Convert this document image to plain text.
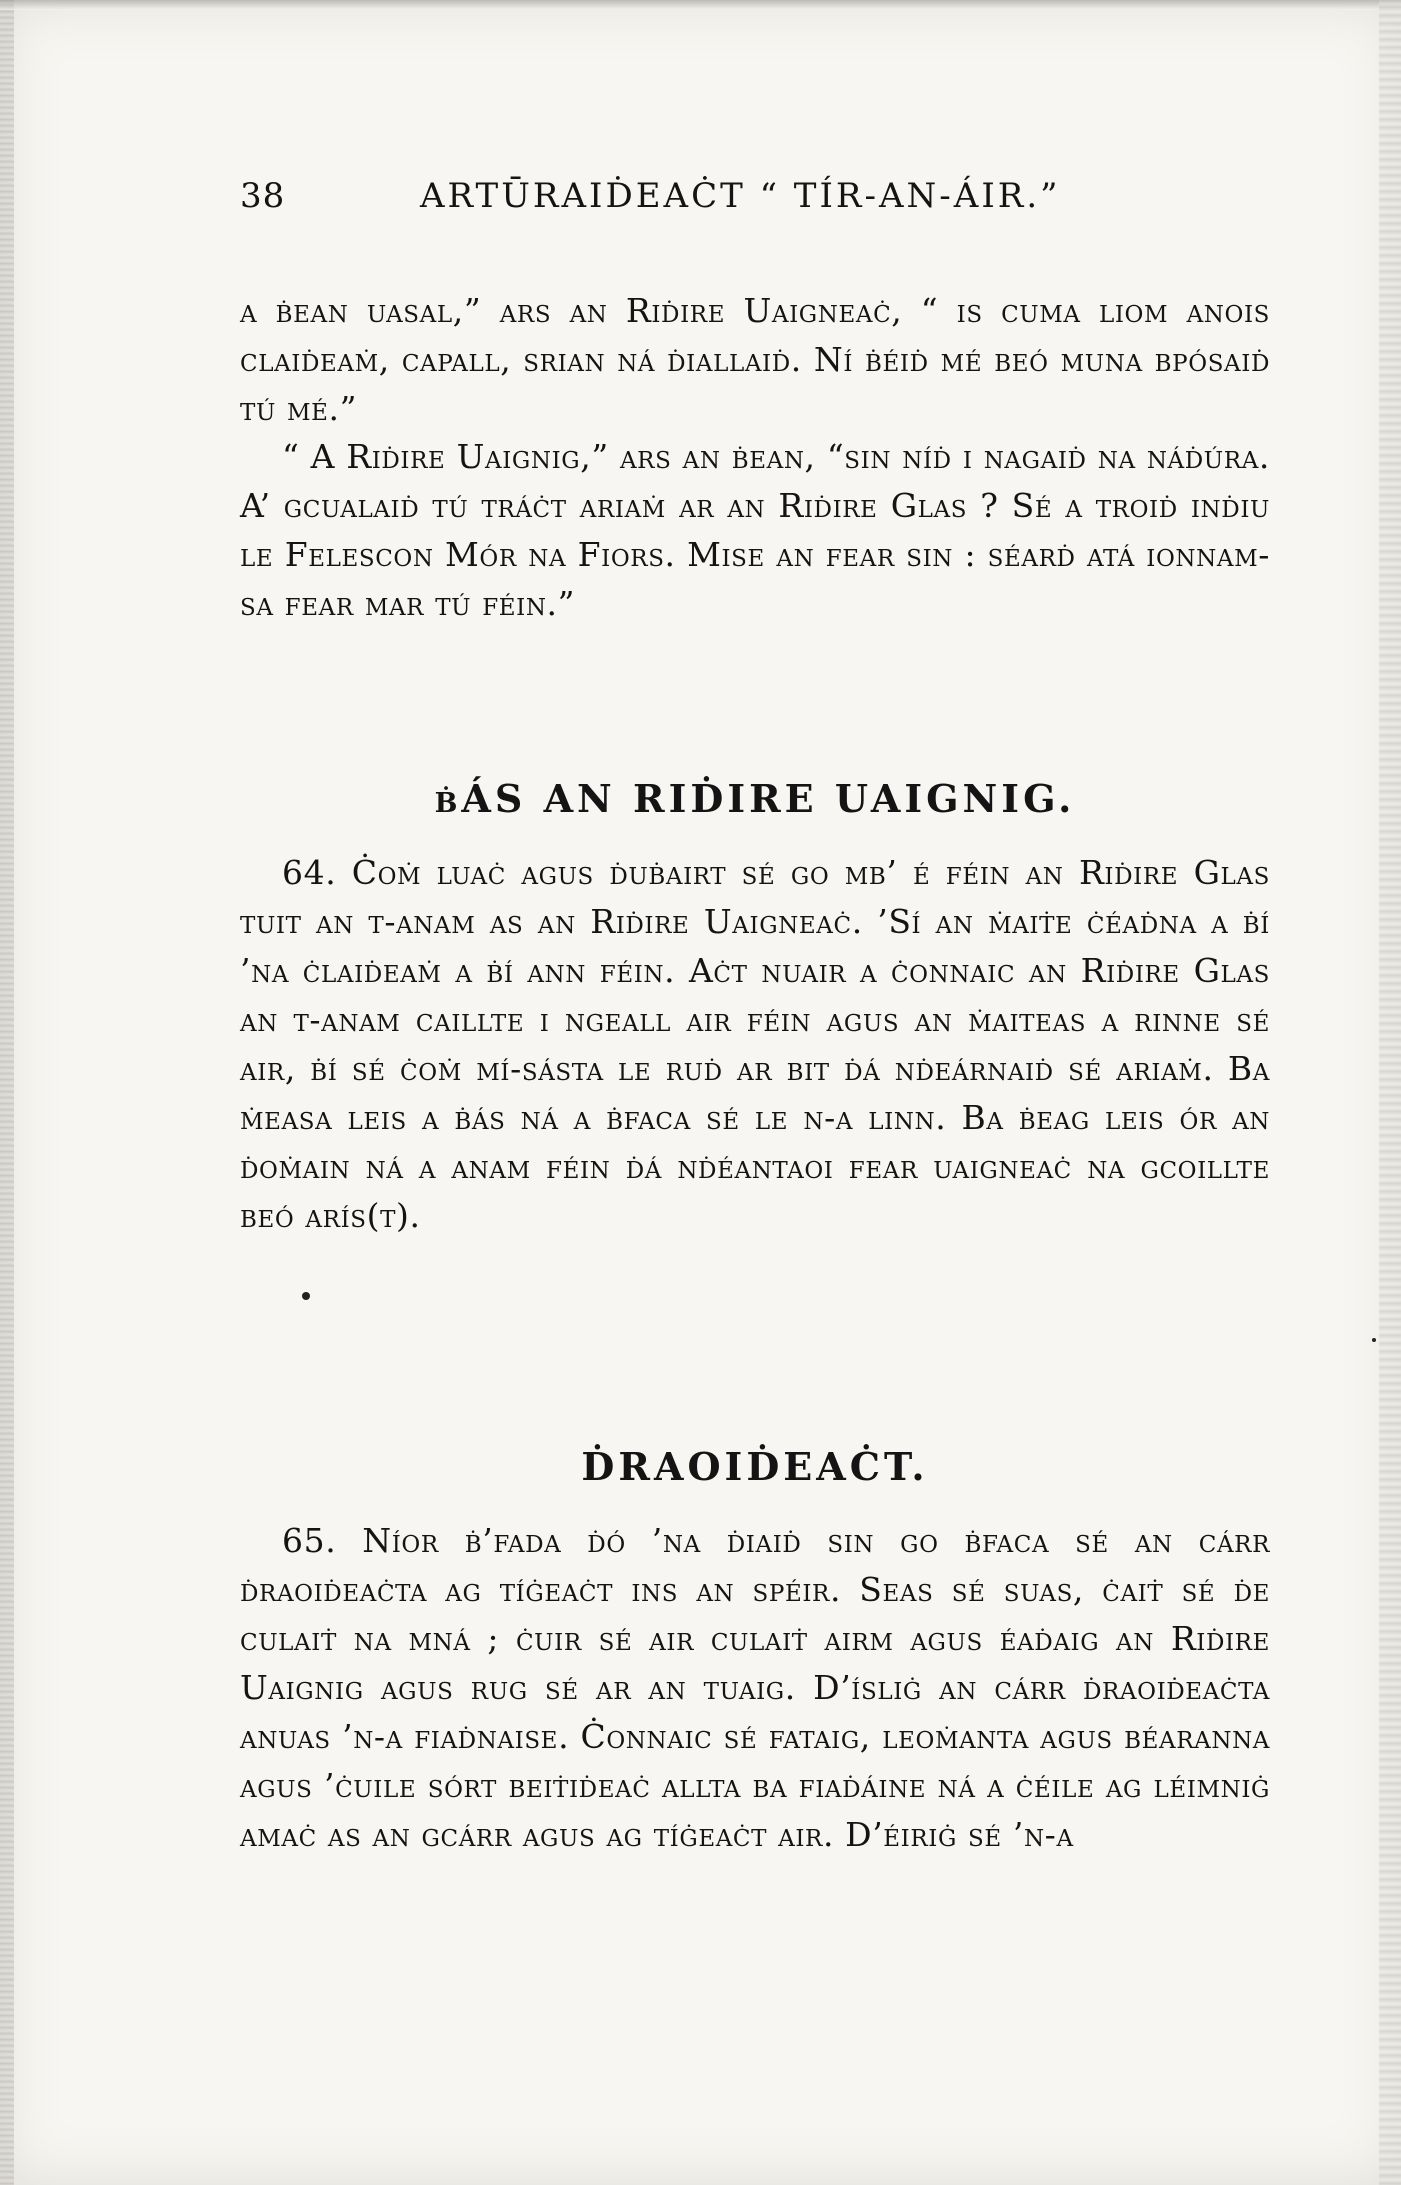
38	ARTŪRAIḊEAĊT “ TÍR-AN-ÁIR.”

a ḃean uasal,” ars an Riḋire Uaigneaċ, “ is cuma liom anois claiḋeaṁ, capall, srian ná ḋiallaiḋ. Ní ḃéiḋ mé beó muna bpósaiḋ tú mé.”

“ A Riḋire Uaignig,” ars an ḃean, “sin níḋ i nagaiḋ na náḋúra. A’ gcualaiḋ tú tráċt ariaṁ ar an Riḋire Glas ? Sé a troiḋ inḋiu le Felescon Mór na Fiors. Mise an fear sin : séarḋ atá ionnam-sa fear mar tú féin.”

ḃÁS AN RIḊIRE UAIGNIG.

64. Ċoṁ luaċ agus ḋuḃairt sé go mb’ é féin an Riḋire Glas tuit an t-anam as an Riḋire Uaigneaċ. ’Sí an ṁaiṫe ċéaḋna a ḃí ’na ċlaiḋeaṁ a ḃí ann féin. Aċt nuair a ċonnaic an Riḋire Glas an t-anam caillte i ngeall air féin agus an ṁaiteas a rinne sé air, ḃí sé ċoṁ mí-sásta le ruḋ ar bit ḋá nḋeárnaiḋ sé ariaṁ. Ba ṁeasa leis a ḃás ná a ḃfaca sé le n-a linn. Ba ḃeag leis ór an ḋoṁain ná a anam féin ḋá nḋéantaoi fear uaigneaċ na gcoillte beó arís(t).

ḊRAOIḊEAĊT.

65. Níor ḃ’fada ḋó ’na ḋiaiḋ sin go ḃfaca sé an cárr ḋraoiḋeaċta ag tíġeaċt ins an spéir. Seas sé suas, ċaiṫ sé ḋe culaiṫ na mná ; ċuir sé air culaiṫ airm agus éaḋaig an Riḋire Uaignig agus rug sé ar an tuaig. D’ísliġ an cárr ḋraoiḋeaċta anuas ’n-a fiaḋnaise. Ċonnaic sé fataig, leoṁanta agus béaranna agus ’ċuile sórt beiṫiḋeaċ allta ba fiaḋáine ná a ċéile ag léimniġ amaċ as an gcárr agus ag tíġeaċt air. D’éiriġ sé ’n-a
